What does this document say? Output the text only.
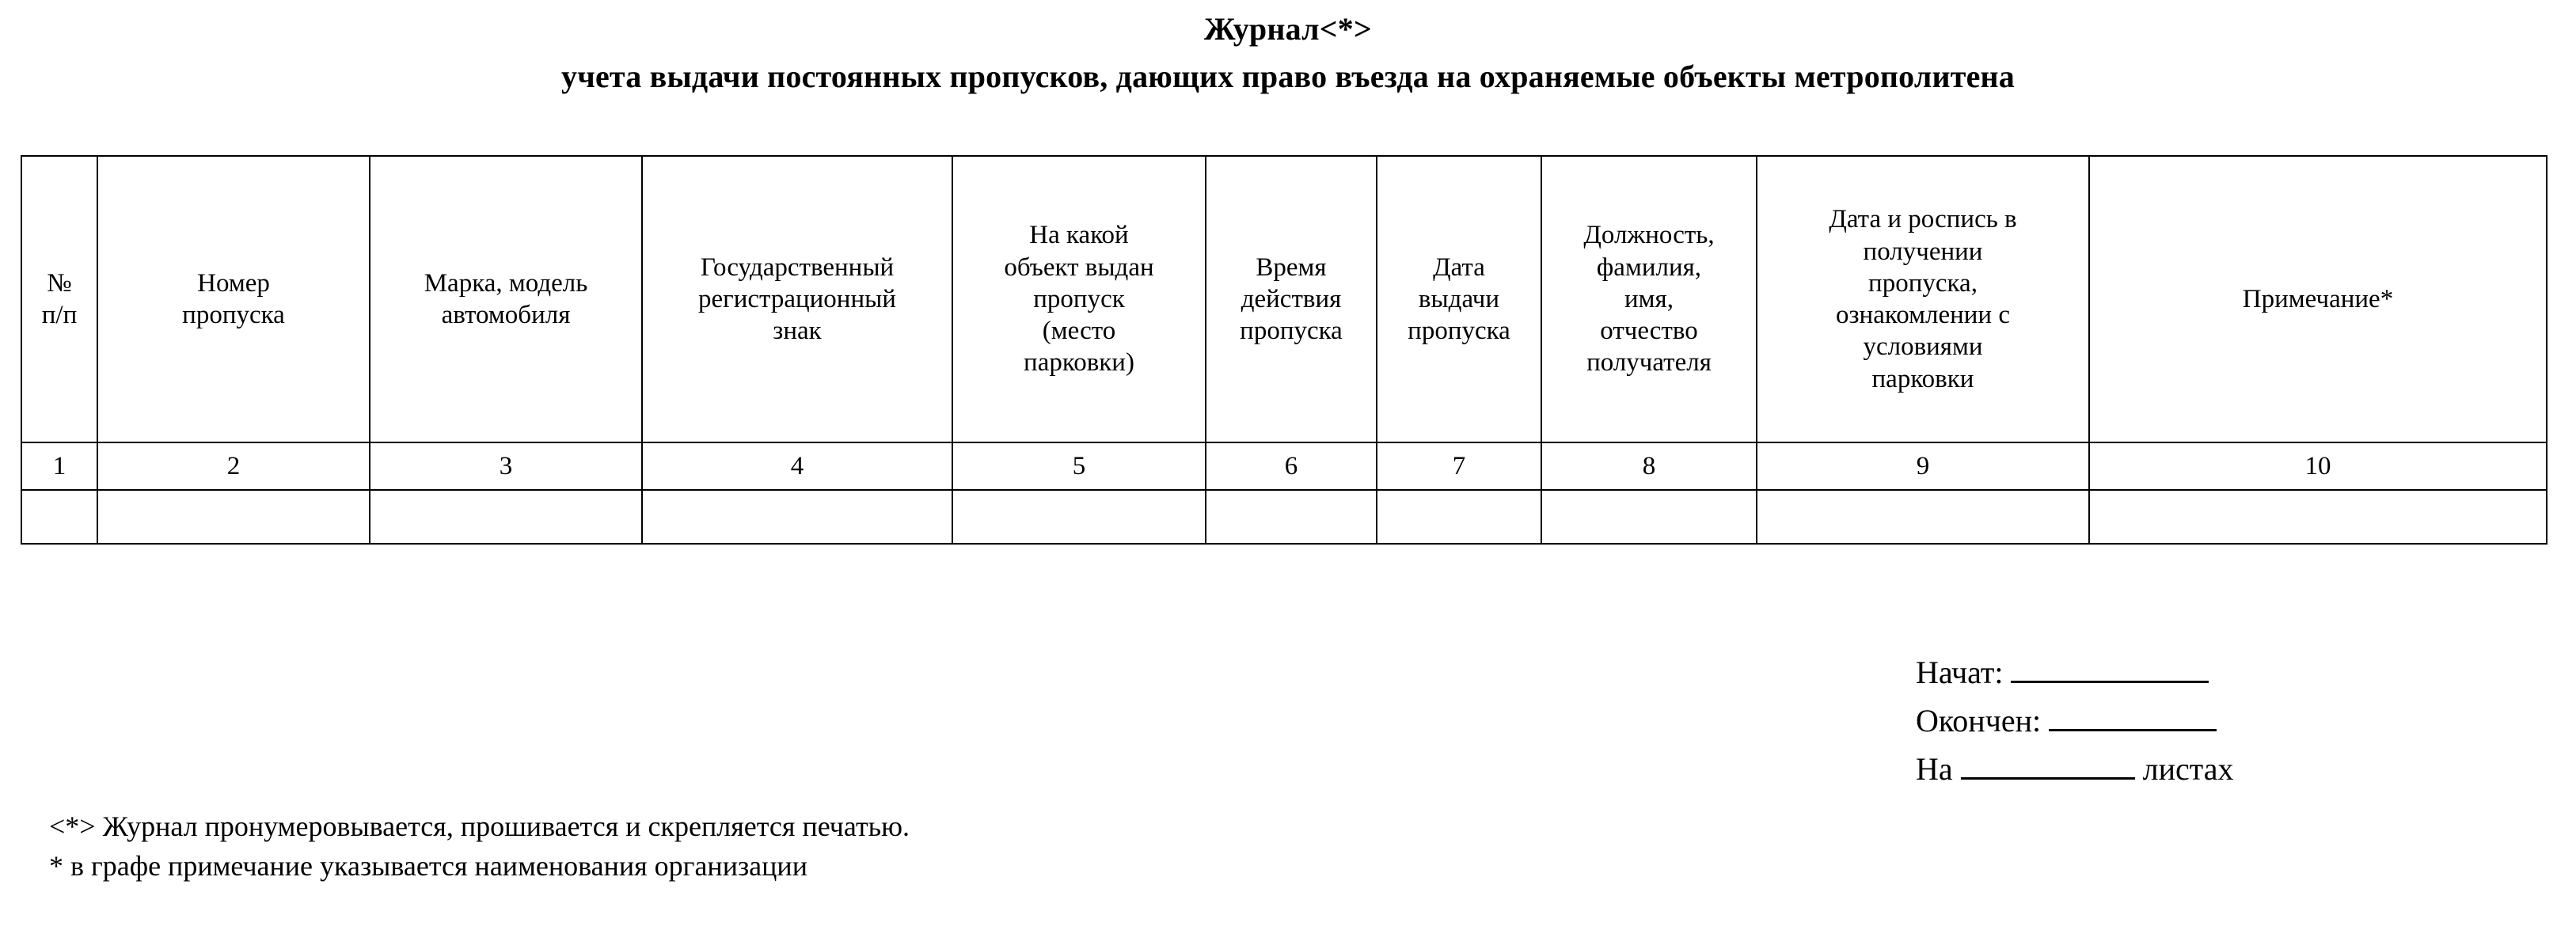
Журнал<*>
учета выдачи постоянных пропусков, дающих право въезда на охраняемые объекты метрополитена
№
п/п	Номер
пропуска	Марка, модель
автомобиля	Государственный
регистрационный
знак	На какой
объект выдан
пропуск
(место
парковки)	Время
действия
пропуска	Дата
выдачи
пропуска	Должность,
фамилия,
имя,
отчество
получателя	Дата и роспись в
получении
пропуска,
ознакомлении с
условиями
парковки	Примечание*
1	2	3	4	5	6	7	8	9	10

Начат:
Окончен:
На	листах
<*> Журнал пронумеровывается, прошивается и скрепляется печатью.
* в графе примечание указывается наименования организации
